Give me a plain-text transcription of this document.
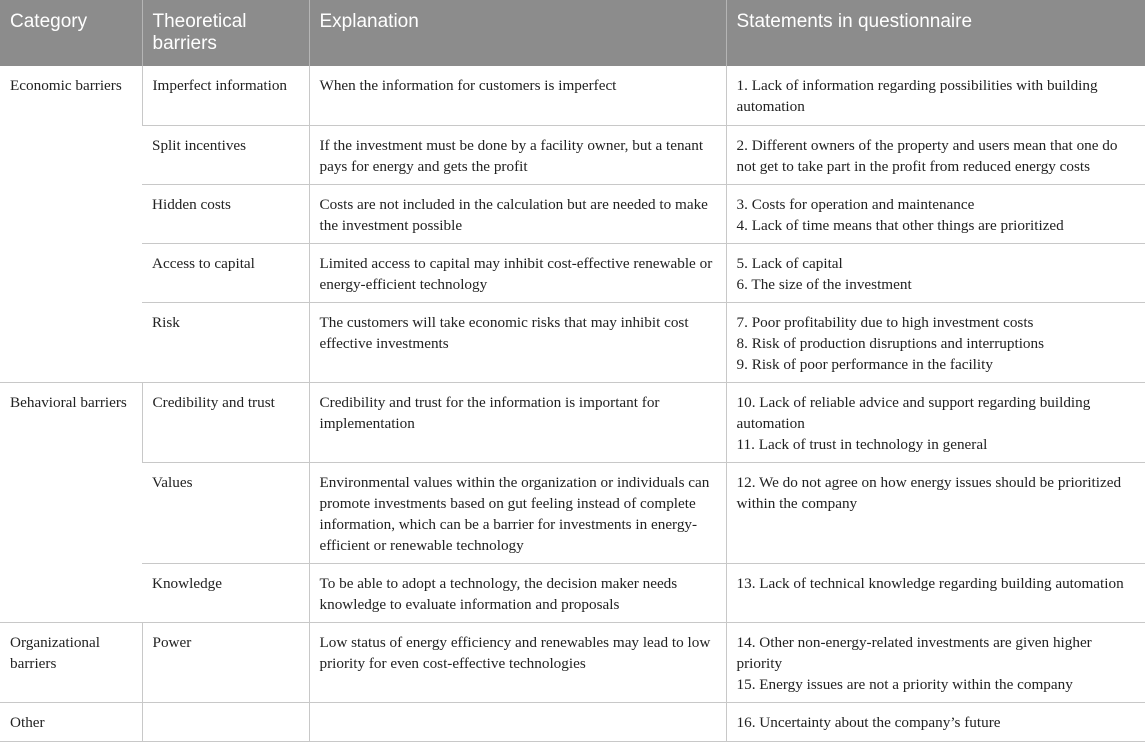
Category	Theoretical barriers	Explanation	Statements in questionnaire
Economic barriers	Imperfect information	When the information for customers is imperfect	1. Lack of information regarding possibilities with building automation

	Split incentives	If the investment must be done by a facility owner, but a tenant pays for energy and gets the profit	2. Different owners of the property and users mean that one do not get to take part in the profit from reduced energy costs

	Hidden costs	Costs are not included in the calculation but are needed to make the investment possible	3. Costs for operation and maintenance
4. Lack of time means that other things are prioritized

	Access to capital	Limited access to capital may inhibit cost-effective renewable or energy-efficient technology	5. Lack of capital
6. The size of the investment

	Risk	The customers will take economic risks that may inhibit cost effective investments	7. Poor profitability due to high investment costs
8. Risk of production disruptions and interruptions
9. Risk of poor performance in the facility

Behavioral barriers	Credibility and trust	Credibility and trust for the information is important for implementation	10. Lack of reliable advice and support regarding building automation
11. Lack of trust in technology in general

	Values	Environmental values within the organization or individuals can promote investments based on gut feeling instead of complete information, which can be a barrier for investments in energy-efficient or renewable technology	12. We do not agree on how energy issues should be prioritized within the company

	Knowledge	To be able to adopt a technology, the decision maker needs knowledge to evaluate information and proposals	13. Lack of technical knowledge regarding building automation

Organizational barriers	Power	Low status of energy efficiency and renewables may lead to low priority for even cost-effective technologies	14. Other non-energy-related investments are given higher priority
15. Energy issues are not a priority within the company

Other			16. Uncertainty about the company’s future
